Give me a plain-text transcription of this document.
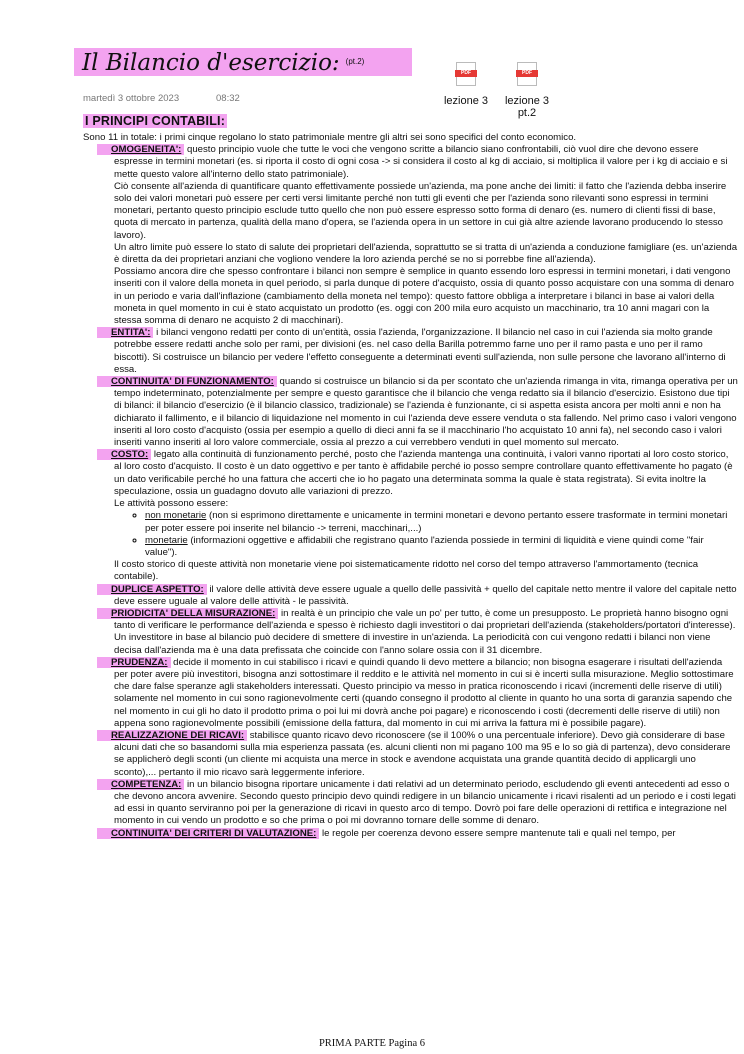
Il Bilancio d'esercizio: $^{(pt.2)}$
martedì 3 ottobre 2023	08:32
PDF
lezione 3
PDF
lezione 3 pt.2
I PRINCIPI CONTABILI:

Sono 11 in totale: i primi cinque regolano lo stato patrimoniale mentre gli altri sei sono specifici del conto economico.

1. OMOGENEITA': questo principio vuole che tutte le voci che vengono scritte a bilancio siano confrontabili, ciò vuol dire che devono essere espresse in termini monetari (es. si riporta il costo di ogni cosa -> si considera il costo al kg di acciaio, si moltiplica il valore per i kg di acciaio e si mette questo valore all'interno dello stato patrimoniale).

Ciò consente all'azienda di quantificare quanto effettivamente possiede un'azienda, ma pone anche dei limiti: il fatto che l'azienda debba inserire solo dei valori monetari può essere per certi versi limitante perché non tutti gli eventi che per l'azienda sono rilevanti sono espressi in termini monetari, pertanto questo principio esclude tutto quello che non può essere espresso sotto forma di denaro (es. numero di clienti fissi di base, quota di mercato in partenza, qualità della mano d'opera, se l'azienda opera in un settore in cui già altre aziende lavorano producendo lo stesso lavoro).

Un altro limite può essere lo stato di salute dei proprietari dell'azienda, soprattutto se si tratta di un'azienda a conduzione famigliare (es. un'azienda è diretta da dei proprietari anziani che vogliono vendere la loro azienda perché se no si porrebbe fine all'azienda).

Possiamo ancora dire che spesso confrontare i bilanci non sempre è semplice in quanto essendo loro espressi in termini monetari, i dati vengono inseriti con il valore della moneta in quel periodo, si parla dunque di potere d'acquisto, ossia di quanto posso acquistare con una somma di denaro in un periodo e varia dall'inflazione (cambiamento della moneta nel tempo): questo fattore obbliga a interpretare i bilanci in base ai valori della moneta in quel momento in cui è stato acquistato un prodotto (es. oggi con 200 mila euro acquisto un macchinario, tra 10 anni magari con la stessa somma di denaro ne acquisto 2 di macchinari).

2. ENTITA': i bilanci vengono redatti per conto di un'entità, ossia l'azienda, l'organizzazione. Il bilancio nel caso in cui l'azienda sia molto grande potrebbe essere redatti anche solo per rami, per divisioni (es. nel caso della Barilla potremmo farne uno per il ramo pasta e uno per il ramo biscotti). Si costruisce un bilancio per vedere l'effetto conseguente a determinati eventi sull'azienda, non sulle persone che lavorano all'interno di essa.

3. CONTINUITA' DI FUNZIONAMENTO: quando si costruisce un bilancio si da per scontato che un'azienda rimanga in vita, rimanga operativa per un tempo indeterminato, potenzialmente per sempre e questo garantisce che il bilancio che venga redatto sia il bilancio d'esercizio. Esistono due tipi di bilanci: il bilancio d'esercizio (è il bilancio classico, tradizionale) se l'azienda è funzionante, ci si aspetta esista ancora per molti anni e non ha dichiarato il fallimento, e il bilancio di liquidazione nel momento in cui l'azienda deve essere venduta o sta fallendo. Nel primo caso i valori vengono inseriti al loro costo d'acquisto (ossia per esempio a quello di dieci anni fa se il macchinario l'ho acquistato 10 anni fa), nel secondo caso i valori inseriti vanno inseriti al loro valore commerciale, ossia al prezzo a cui verrebbero venduti in quel momento sul mercato.

4. COSTO: legato alla continuità di funzionamento perché, posto che l'azienda mantenga una continuità, i valori vanno riportati al loro costo storico, al loro costo d'acquisto. Il costo è un dato oggettivo e per tanto è affidabile perché io posso sempre controllare quanto effettivamente ho pagato (è un dato verificabile perché ho una fattura che accerti che io ho pagato una determinata somma la quale è stata registrata). Si evita inoltre la speculazione, ossia un guadagno dovuto alle variazioni di prezzo.

Le attività possono essere:

◦ non monetarie (non si esprimono direttamente e unicamente in termini monetari e devono pertanto essere trasformate in termini monetari per poter essere poi inserite nel bilancio -> terreni, macchinari,...)
◦ monetarie (informazioni oggettive e affidabili che registrano quanto l'azienda possiede in termini di liquidità e viene quindi come "fair value").

Il costo storico di queste attività non monetarie viene poi sistematicamente ridotto nel corso del tempo attraverso l'ammortamento (tecnica contabile).

5. DUPLICE ASPETTO: il valore delle attività deve essere uguale a quello delle passività + quello del capitale netto mentre il valore del capitale netto deve essere uguale al valore delle attività - le passività.

6. PRIODICITA' DELLA MISURAZIONE: in realtà è un principio che vale un po' per tutto, è come un presupposto. Le proprietà hanno bisogno ogni tanto di verificare le performance dell'azienda e spesso è richiesto dagli investitori o dai proprietari dell'azienda (stakeholders/portatori d'interesse). Un investitore in base al bilancio può decidere di smettere di investire in un'azienda. La periodicità con cui vengono redatti i bilanci non viene decisa dall'azienda ma è una data prefissata che coincide con l'anno solare ossia con il 31 dicembre.

7. PRUDENZA: decide il momento in cui stabilisco i ricavi e quindi quando li devo mettere a bilancio; non bisogna esagerare i risultati dell'azienda per poter avere più investitori, bisogna anzi sottostimare il reddito e le attività nel momento in cui si è incerti sulla misurazione. Meglio sottostimare che dare false speranze agli stakeholders interessati. Questo principio va messo in pratica riconoscendo i ricavi (incrementi delle riserve di utili) solamente nel momento in cui sono ragionevolmente certi (quando consegno il prodotto al cliente in quanto ho una sorta di garanzia sapendo che nel momento in cui gli ho dato il prodotto prima o poi lui mi dovrà anche poi pagare) e riconoscendo i costi (decrementi delle riserve di utili) non appena sono ragionevolmente possibili (emissione della fattura, dal momento in cui mi arriva la fattura mi è possibile pagare).

8. REALIZZAZIONE DEI RICAVI: stabilisce quanto ricavo devo riconoscere (se il 100% o una percentuale inferiore). Devo già considerare di base alcuni dati che so basandomi sulla mia esperienza passata (es. alcuni clienti non mi pagano 100 ma 95 e lo so già di partenza), devo considerare se applicherò degli sconti (un cliente mi acquista una merce in stock e avendone acquistata una grande quantità decido di applicargli uno sconto),... pertanto il mio ricavo sarà leggermente inferiore.

9. COMPETENZA: in un bilancio bisogna riportare unicamente i dati relativi ad un determinato periodo, escludendo gli eventi antecedenti ad esso o che devono ancora avvenire. Secondo questo principio devo quindi redigere in un bilancio unicamente i ricavi risalenti ad un periodo e i costi legati ad essi in quanto serviranno poi per la generazione di ricavi in questo arco di tempo. Dovrò poi fare delle operazioni di rettifica e integrazione nel momento in cui vendo un prodotto e so che prima o poi mi dovranno tornare delle somme di denaro.

10. CONTINUITA' DEI CRITERI DI VALUTAZIONE: le regole per coerenza devono essere sempre mantenute tali e quali nel tempo, per

PRIMA PARTE Pagina 6
